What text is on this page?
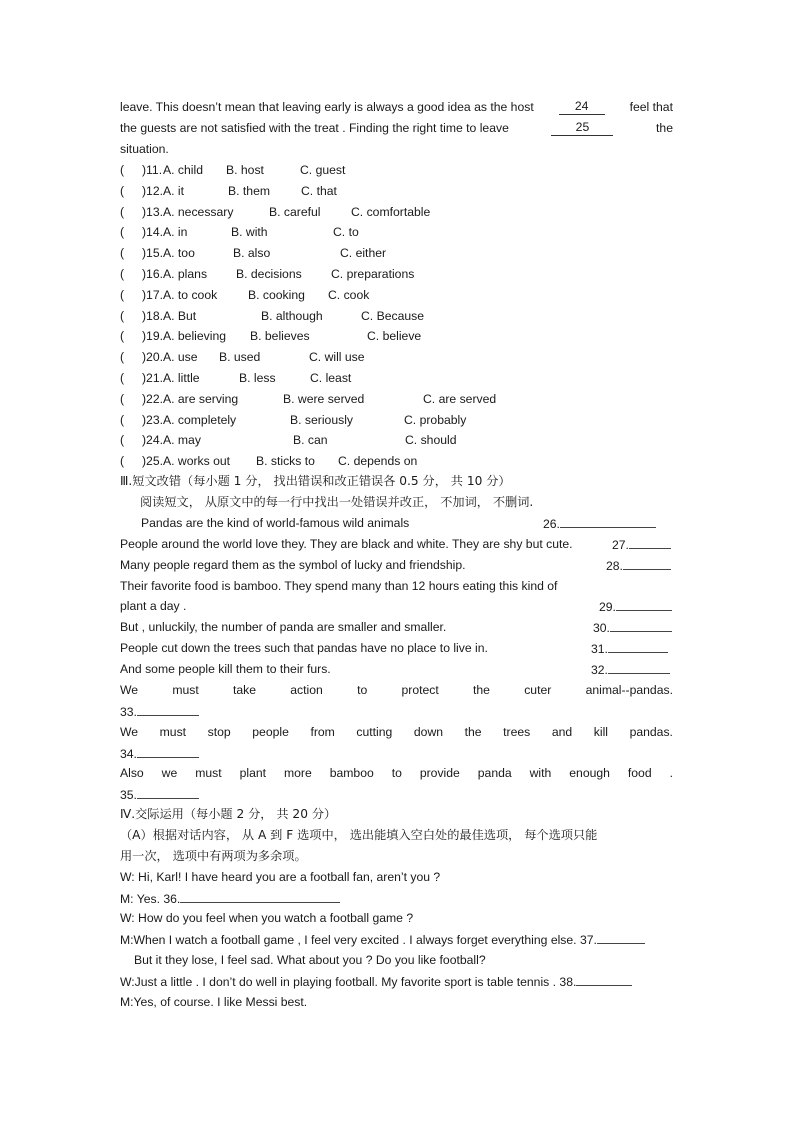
leave. This doesn’t mean that leaving early is always a good idea as the host	24	feel that
the guests are not satisfied with the treat . Finding the right time to leave	25	the
situation.
( )11. A. child B. host	C. guest
( )12. A. it	B. them	C. that
( )13. A. necessary	B. careful	C. comfortable
( )14. A. in	B. with	C. to
( )15. A. too	B. also	C. either
( )16. A. plans B. decisions C. preparations
( )17. A. to cook	B. cooking C. cook
( )18. A. But	B. although	C. Because
( )19. A. believing B. believes	C. believe
( )20. A. use B. used	C. will use
( )21. A. little	B. less	C. least
( )22. A. are serving	B. were served	C. are served
( )23. A. completely	B. seriously	C. probably
( )24. A. may	B. can	C. should
( )25. A. works out B. sticks to C. depends on
Ⅲ.短文改错（每小题 1 分， 找出错误和改正错误各 0.5 分， 共 10 分）
阅读短文， 从原文中的每一行中找出一处错误并改正， 不加词， 不删词.
Pandas are the kind of world-famous wild animals	26.
People around the world love they. They are black and white. They are shy but cute.	27.
Many people regard them as the symbol of lucky and friendship.	28.
Their favorite food is bamboo. They spend many than 12 hours eating this kind of
plant a day .	29.
But , unluckily, the number of panda are smaller and smaller.	30.
People cut down the trees such that pandas have no place to live in.	31.
And some people kill them to their furs.	32.
We	must	take	action	to	protect	the	cuter	animal--pandas.
33.
We must stop people from cutting down the trees and kill pandas.
34.
Also we must plant more bamboo to provide panda with enough food .
35.
Ⅳ.交际运用（每小题 2 分， 共 20 分）
（A）根据对话内容， 从 A 到 F 选项中， 选出能填入空白处的最佳选项， 每个选项只能
用一次， 选项中有两项为多余项。
W: Hi, Karl! I have heard you are a football fan, aren’t you ?
M: Yes. 36.
W: How do you feel when you watch a football game ?
M:When I watch a football game , I feel very excited . I always forget everything else. 37.
But it they lose, I feel sad. What about you ? Do you like football?
W:Just a little . I don’t do well in playing football. My favorite sport is table tennis . 38.
M:Yes, of course. I like Messi best.
